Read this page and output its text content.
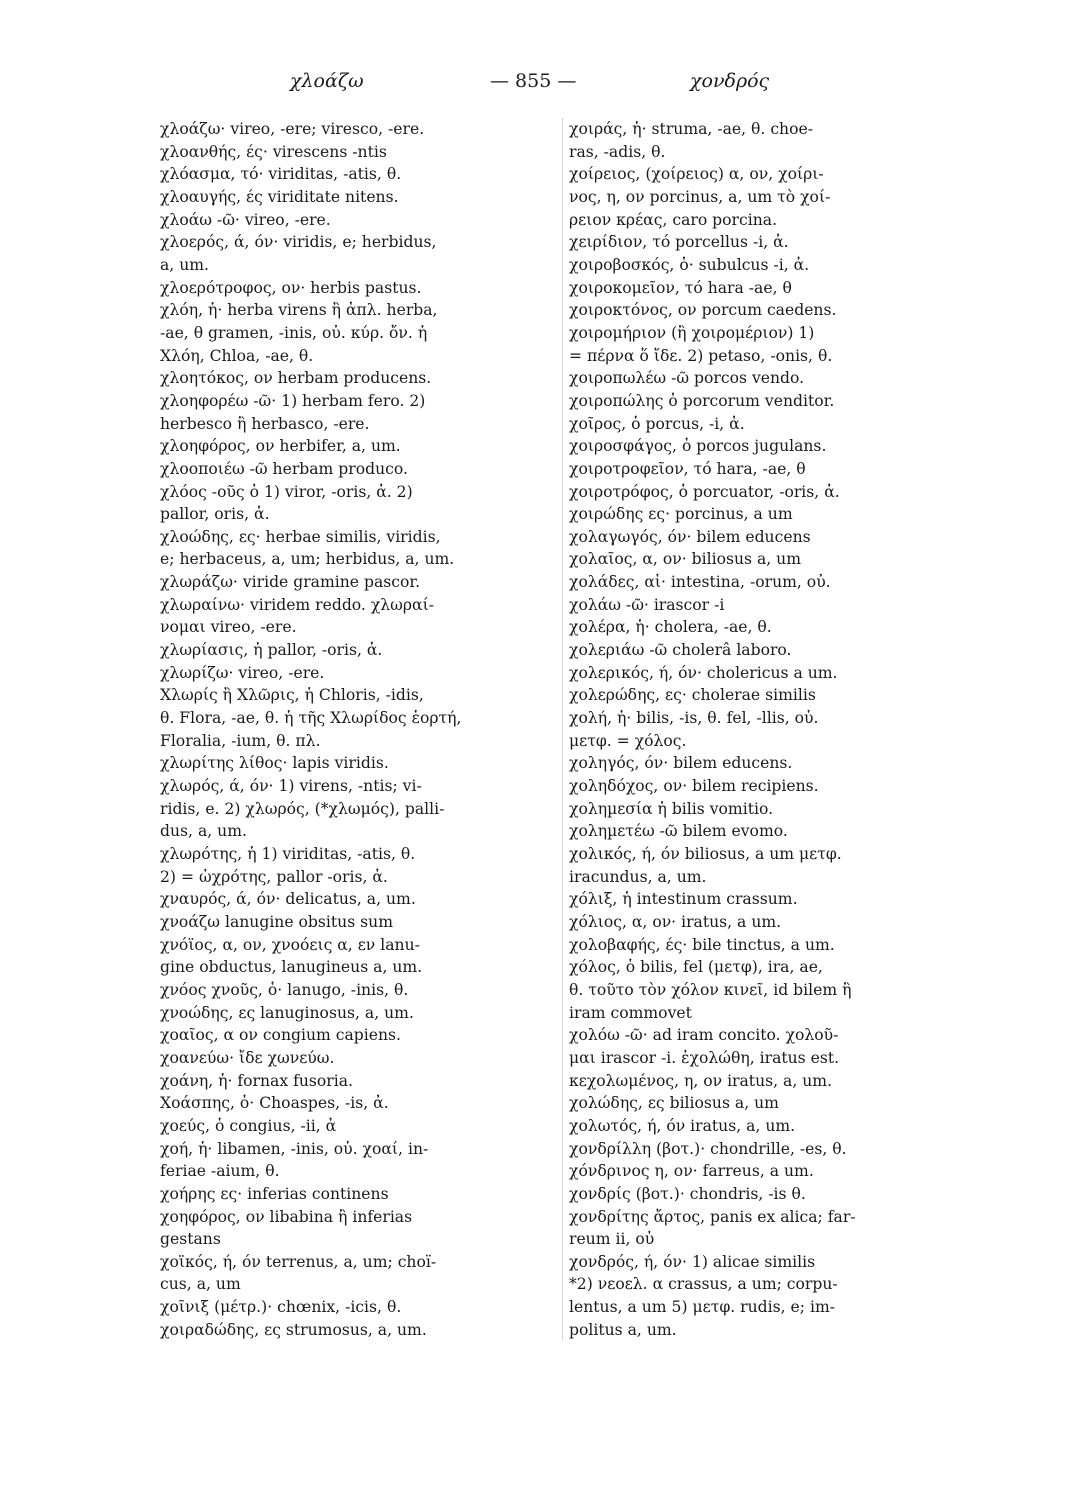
χλοάζω	— 855 —	χονδρός
χλοάζω· vireo, -ere; viresco, -ere.
χλοανθής, ές· virescens -ntis
χλόασμα, τό· viriditas, -atis, θ.
χλοαυγής, ές viriditate nitens.
χλοάω -ῶ· vireo, -ere.
χλοερός, ά, όν· viridis, e; herbidus,
a, um.
χλοερότροφος, ον· herbis pastus.
χλόη, ἡ· herba virens ἢ ἁπλ. herba,
-ae, θ gramen, -inis, οὐ. κύρ. ὄν. ἡ
Χλόη, Chloa, -ae, θ.
χλοητόκος, ον herbam producens.
χλοηφορέω -ῶ· 1) herbam fero. 2)
herbesco ἢ herbasco, -ere.
χλοηφόρος, ον herbifer, a, um.
χλοοποιέω -ῶ herbam produco.
χλόος -οῦς ὁ 1) viror, -oris, ἀ. 2)
pallor, oris, ἀ.
χλοώδης, ες· herbae similis, viridis,
e; herbaceus, a, um; herbidus, a, um.
χλωράζω· viride gramine pascor.
χλωραίνω· viridem reddo. χλωραί-
νομαι vireo, -ere.
χλωρίασις, ἡ pallor, -oris, ἀ.
χλωρίζω· vireo, -ere.
Χλωρίς ἢ Χλῶρις, ἡ Chloris, -idis,
θ. Flora, -ae, θ. ἡ τῆς Χλωρίδος ἑορτή,
Floralia, -ium, θ. πλ.
χλωρίτης λίθος· lapis viridis.
χλωρός, ά, όν· 1) virens, -ntis; vi-
ridis, e. 2) χλωρός, (*χλωμός), palli-
dus, a, um.
χλωρότης, ἡ 1) viriditas, -atis, θ.
2) = ὠχρότης, pallor -oris, ἀ.
χναυρός, ά, όν· delicatus, a, um.
χνοάζω lanugine obsitus sum
χνόϊος, α, ον, χνοόεις α, εν lanu-
gine obductus, lanugineus a, um.
χνόος χνοῦς, ὁ· lanugo, -inis, θ.
χνοώδης, ες lanuginosus, a, um.
χοαῖος, α ον congium capiens.
χοανεύω· ἴδε χωνεύω.
χοάνη, ἡ· fornax fusoria.
Χοάσπης, ὁ· Choaspes, -is, ἀ.
χοεύς, ὁ congius, -ii, ἀ
χοή, ἡ· libamen, -inis, οὐ. χοαί, in-
feriae -aium, θ.
χοήρης ες· inferias continens
χοηφόρος, ον libabina ἢ inferias
gestans
χοϊκός, ή, όν terrenus, a, um; choï-
cus, a, um
χοῖνιξ (μέτρ.)· chœnix, -icis, θ.
χοιραδώδης, ες strumosus, a, um.
χοιράς, ἡ· struma, -ae, θ. choe-
ras, -adis, θ.
χοίρειος, (χοίρειος) α, ον, χοίρι-
νος, η, ον porcinus, a, um τὸ χοί-
ρειον κρέας, caro porcina.
χειρίδιον, τό porcellus -i, ἀ.
χοιροβοσκός, ὁ· subulcus -i, ἀ.
χοιροκομεῖον, τό hara -ae, θ
χοιροκτόνος, ον porcum caedens.
χοιρομήριον (ἢ χοιρομέριον) 1)
= πέρνα ὅ ἴδε. 2) petaso, -onis, θ.
χοιροπωλέω -ῶ porcos vendo.
χοιροπώλης ὁ porcorum venditor.
χοῖρος, ὁ porcus, -i, ἀ.
χοιροσφάγος, ὁ porcos jugulans.
χοιροτροφεῖον, τό hara, -ae, θ
χοιροτρόφος, ὁ porcuator, -oris, ἀ.
χοιρώδης ες· porcinus, a um
χολαγωγός, όν· bilem educens
χολαῖος, α, ον· biliosus a, um
χολάδες, αἱ· intestina, -orum, οὐ.
χολάω -ῶ· irascor -i
χολέρα, ἡ· cholera, -ae, θ.
χολεριάω -ῶ cholerâ laboro.
χολερικός, ή, όν· cholericus a um.
χολερώδης, ες· cholerae similis
χολή, ἡ· bilis, -is, θ. fel, -llis, οὐ.
μετφ. = χόλος.
χοληγός, όν· bilem educens.
χοληδόχος, ον· bilem recipiens.
χοληµεσία ἡ bilis vomitio.
χοληµετέω -ῶ bilem evomo.
χολικός, ή, όν biliosus, a um μετφ.
iracundus, a, um.
χόλιξ, ἡ intestinum crassum.
χόλιος, α, ον· iratus, a um.
χολοβαφής, ές· bile tinctus, a um.
χόλος, ὁ bilis, fel (μετφ), ira, ae,
θ. τοῦτο τὸν χόλον κινεῖ, id bilem ἢ
iram commovet
χολόω -ῶ· ad iram concito. χολοῦ-
μαι irascor -i. ἐχολώθη, iratus est.
κεχολωμένος, η, ον iratus, a, um.
χολώδης, ες biliosus a, um
χολωτός, ή, όν iratus, a, um.
χονδρίλλη (βοτ.)· chondrille, -es, θ.
χόνδρινος η, ον· farreus, a um.
χονδρίς (βοτ.)· chondris, -is θ.
χονδρίτης ἄρτος, panis ex alica; far-
reum ii, οὐ
χονδρός, ή, όν· 1) alicae similis
*2) νεοελ. α crassus, a um; corpu-
lentus, a um 5) μετφ. rudis, e; im-
politus a, um.
